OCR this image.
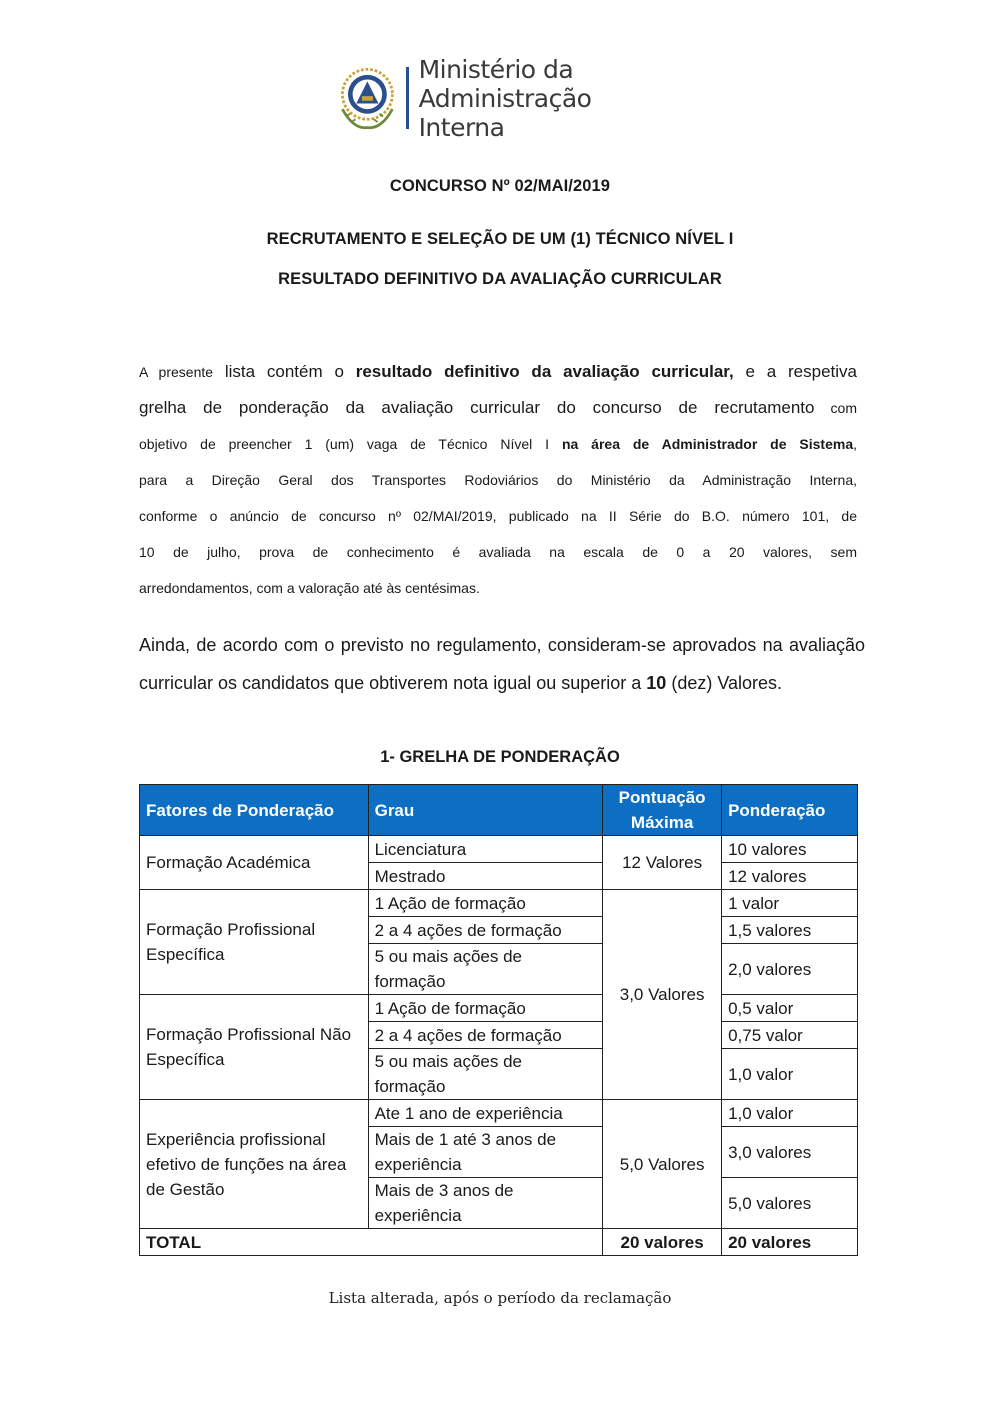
Ministério da
Administração Interna
CONCURSO Nº 02/MAI/2019
RECRUTAMENTO E SELEÇÃO DE UM (1) TÉCNICO NÍVEL I
RESULTADO DEFINITIVO DA AVALIAÇÃO CURRICULAR
A presente lista contém o resultado definitivo da avaliação curricular, e a respetiva
grelha de ponderação da avaliação curricular do concurso de recrutamento com
objetivo de preencher 1 (um) vaga de Técnico Nível I na área de Administrador de Sistema,
para a Direção Geral dos Transportes Rodoviários do Ministério da Administração Interna,
conforme o anúncio de concurso nº 02/MAI/2019, publicado na II Série do B.O. número 101, de
10 de julho, prova de conhecimento é avaliada na escala de 0 a 20 valores, sem
arredondamentos, com a valoração até às centésimas.
Ainda, de acordo com o previsto no regulamento, consideram-se aprovados na avaliação curricular os candidatos que obtiverem nota igual ou superior a 10 (dez) Valores.
1- GRELHA DE PONDERAÇÃO
Fatores de Ponderação	Grau	Pontuação Máxima	Ponderação
Formação Académica	Licenciatura	12 Valores	10 valores
	Mestrado		12 valores
Formação Profissional Específica	1 Ação de formação	3,0 Valores	1 valor
	2 a 4 ações de formação		1,5 valores
	5 ou mais ações de formação		2,0 valores
Formação Profissional Não Específica	1 Ação de formação		0,5 valor
	2 a 4 ações de formação		0,75 valor
	5 ou mais ações de formação		1,0 valor
Experiência profissional efetivo de funções na área de Gestão	Ate 1 ano de experiência	5,0 Valores	1,0 valor
	Mais de 1 até 3 anos de experiência		3,0 valores
	Mais de 3 anos de experiência		5,0 valores
TOTAL		20 valores	20 valores
Lista alterada, após o período da reclamação
